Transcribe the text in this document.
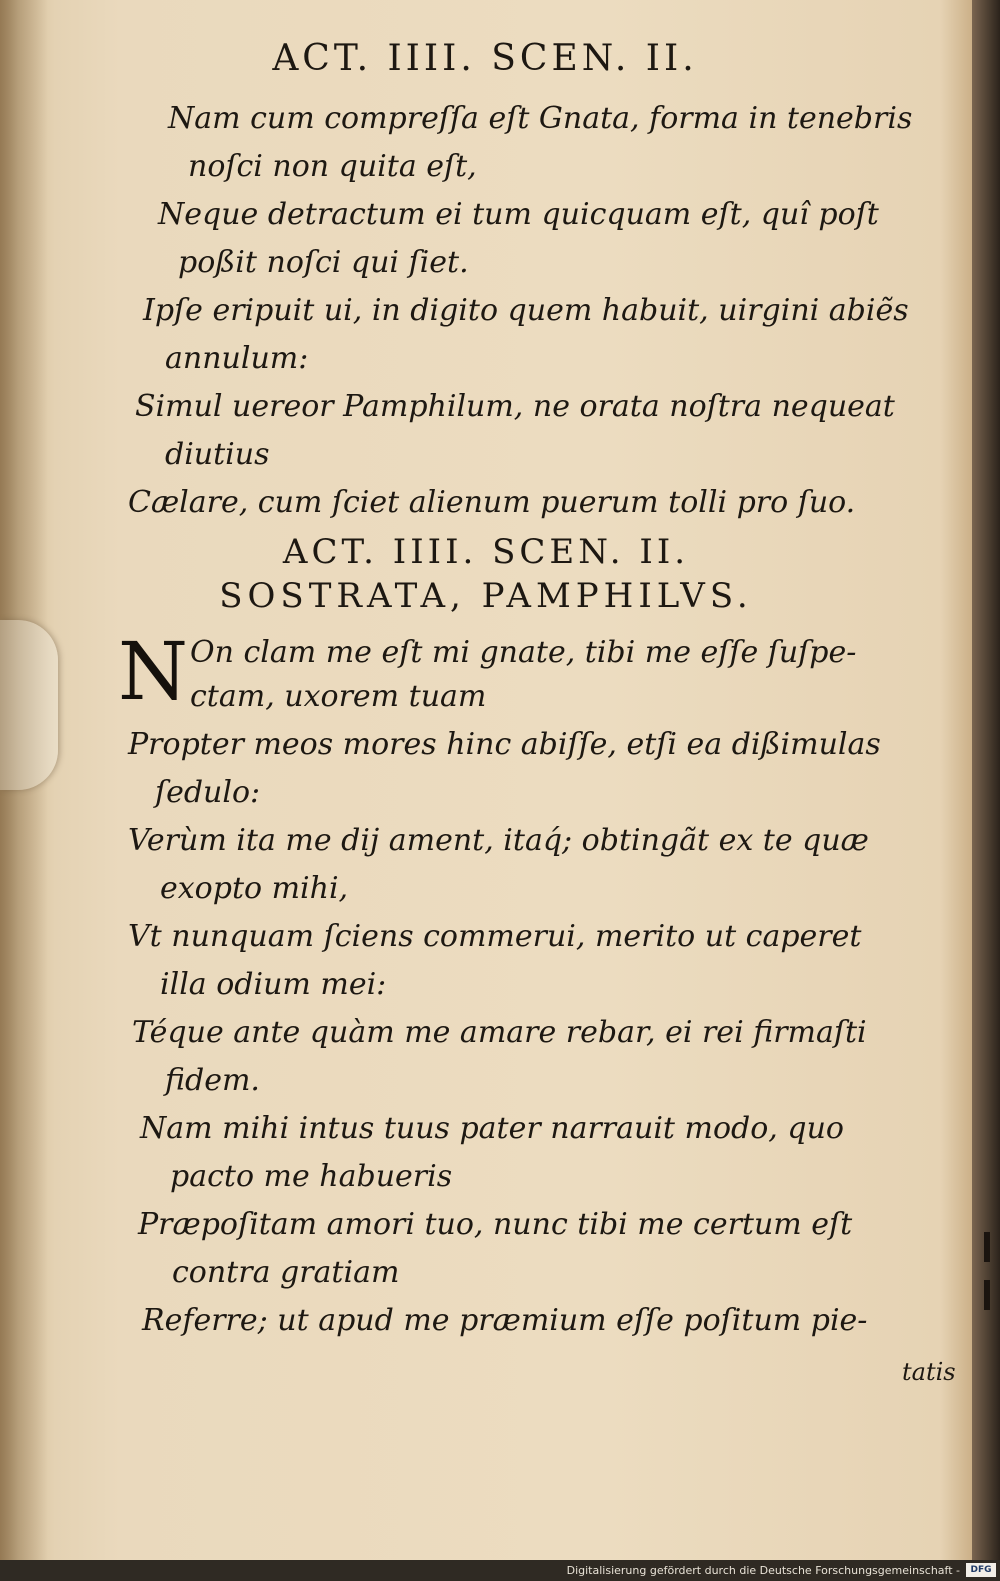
ACT. IIII. SCEN. II.
Nam cum compreſſa eſt Gnata, forma in tenebris
noſci non quita eſt,
Neque detractum ei tum quicquam eſt, quî poſt
poßit noſci qui ſiet.
Ipſe eripuit ui, in digito quem habuit, uirgini abiẽs
annulum:
Simul uereor Pamphilum, ne orata noſtra nequeat
diutius
Cælare, cum ſciet alienum puerum tolli pro ſuo.
ACT. IIII. SCEN. II.
SOSTRATA, PAMPHILVS.
N On clam me eſt mi gnate, tibi me eſſe ſuſpe-
ctam, uxorem tuam
Propter meos mores hinc abiſſe, etſi ea dißimulas
ſedulo:
Verùm ita me dij ament, itaq́; obtingãt ex te quæ
exopto mihi,
Vt nunquam ſciens commerui, merito ut caperet
illa odium mei:
Téque ante quàm me amare rebar, ei rei firmaſti
fidem.
Nam mihi intus tuus pater narrauit modo, quo
pacto me habueris
Præpoſitam amori tuo, nunc tibi me certum eſt
contra gratiam
Referre; ut apud me præmium eſſe poſitum pie-
tatis
Digitalisierung gefördert durch die Deutsche Forschungsgemeinschaft -	DFG
